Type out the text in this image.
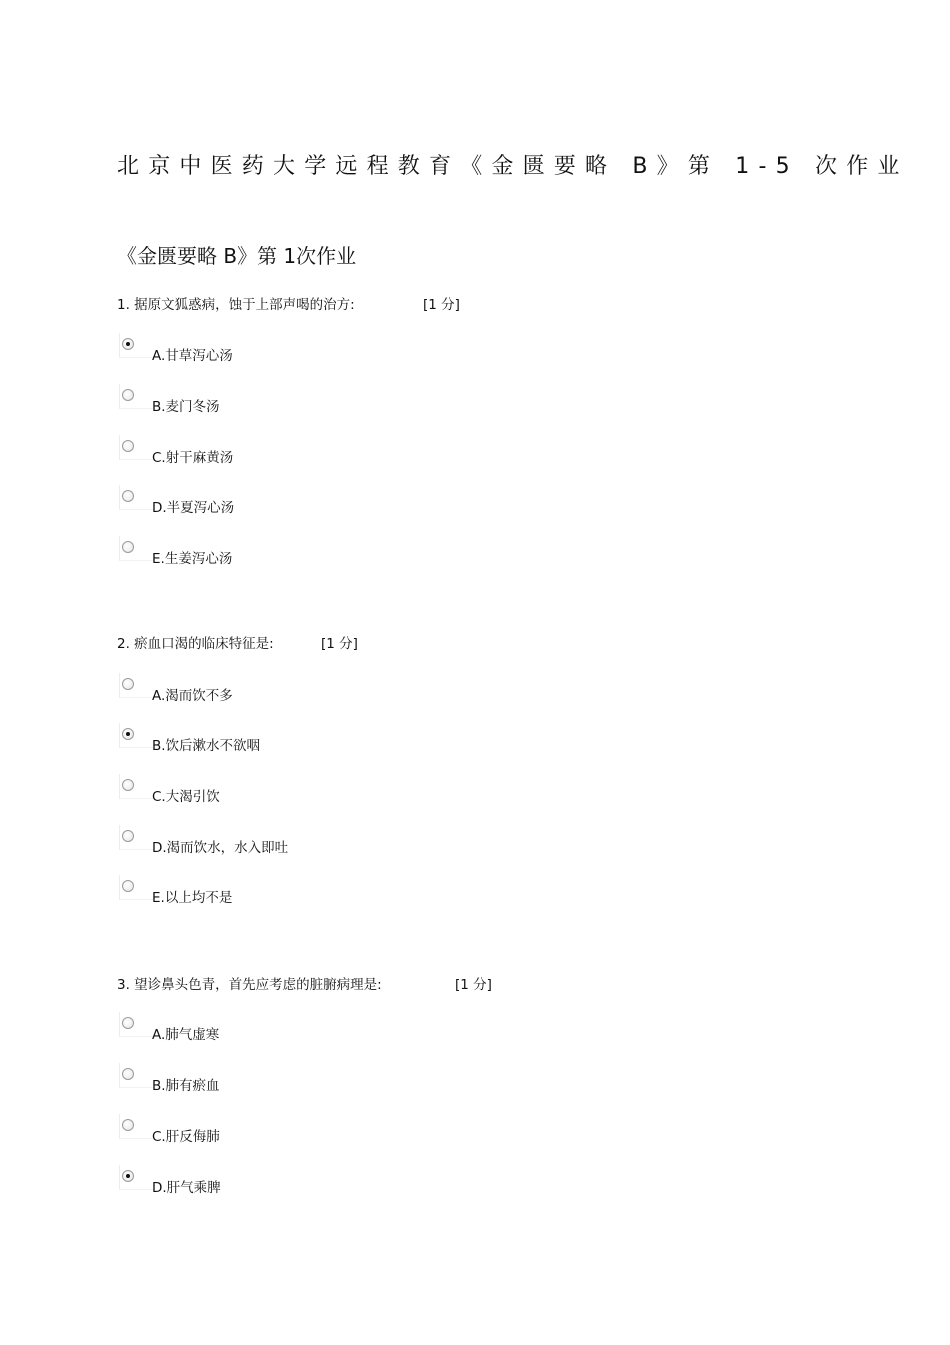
北京中医药大学远程教育《金匮要略 B》第 1-5 次作业
《金匮要略 B》第 1次作业
1. 据原文狐惑病，蚀于上部声喝的治方:	[1 分]
A.甘草泻心汤
B.麦门冬汤
C.射干麻黄汤
D.半夏泻心汤
E.生姜泻心汤
2. 瘀血口渴的临床特征是:	[1 分]
A.渴而饮不多
B.饮后漱水不欲咽
C.大渴引饮
D.渴而饮水，水入即吐
E.以上均不是
3. 望诊鼻头色青，首先应考虑的脏腑病理是:	[1 分]
A.肺气虚寒
B.肺有瘀血
C.肝反侮肺
D.肝气乘脾
